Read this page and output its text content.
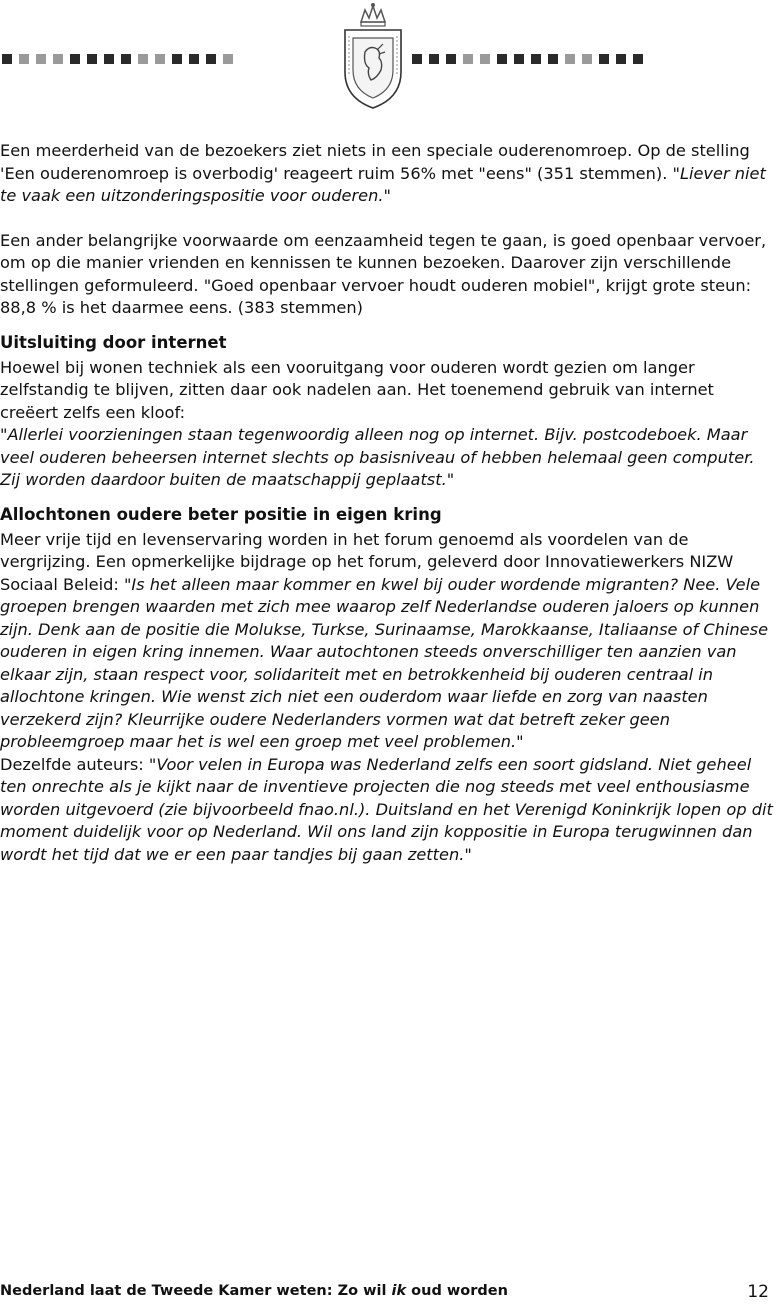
Een meerderheid van de bezoekers ziet niets in een speciale ouderenomroep. Op de stelling 'Een ouderenomroep is overbodig' reageert ruim 56% met "eens" (351 stemmen). "Liever niet te vaak een uitzonderingspositie voor ouderen."

Een ander belangrijke voorwaarde om eenzaamheid tegen te gaan, is goed openbaar vervoer, om op die manier vrienden en kennissen te kunnen bezoeken. Daarover zijn verschillende stellingen geformuleerd. "Goed openbaar vervoer houdt ouderen mobiel", krijgt grote steun: 88,8 % is het daarmee eens. (383 stemmen)

Uitsluiting door internet

Hoewel bij wonen techniek als een vooruitgang voor ouderen wordt gezien om langer zelfstandig te blijven, zitten daar ook nadelen aan. Het toenemend gebruik van internet creëert zelfs een kloof:

"Allerlei voorzieningen staan tegenwoordig alleen nog op internet. Bijv. postcodeboek. Maar veel ouderen beheersen internet slechts op basisniveau of hebben helemaal geen computer. Zij worden daardoor buiten de maatschappij geplaatst."

Allochtonen oudere beter positie in eigen kring

Meer vrije tijd en levenservaring worden in het forum genoemd als voordelen van de vergrijzing. Een opmerkelijke bijdrage op het forum, geleverd door Innovatiewerkers NIZW Sociaal Beleid: "Is het alleen maar kommer en kwel bij ouder wordende migranten? Nee. Vele groepen brengen waarden met zich mee waarop zelf Nederlandse ouderen jaloers op kunnen zijn. Denk aan de positie die Molukse, Turkse, Surinaamse, Marokkaanse, Italiaanse of Chinese ouderen in eigen kring innemen. Waar autochtonen steeds onverschilliger ten aanzien van elkaar zijn, staan respect voor, solidariteit met en betrokkenheid bij ouderen centraal in allochtone kringen. Wie wenst zich niet een ouderdom waar liefde en zorg van naasten verzekerd zijn? Kleurrijke oudere Nederlanders vormen wat dat betreft zeker geen probleemgroep maar het is wel een groep met veel problemen."

Dezelfde auteurs: "Voor velen in Europa was Nederland zelfs een soort gidsland. Niet geheel ten onrechte als je kijkt naar de inventieve projecten die nog steeds met veel enthousiasme worden uitgevoerd (zie bijvoorbeeld fnao.nl.). Duitsland en het Verenigd Koninkrijk lopen op dit moment duidelijk voor op Nederland. Wil ons land zijn koppositie in Europa terugwinnen dan wordt het tijd dat we er een paar tandjes bij gaan zetten."

Nederland laat de Tweede Kamer weten: Zo wil ik oud worden	12
